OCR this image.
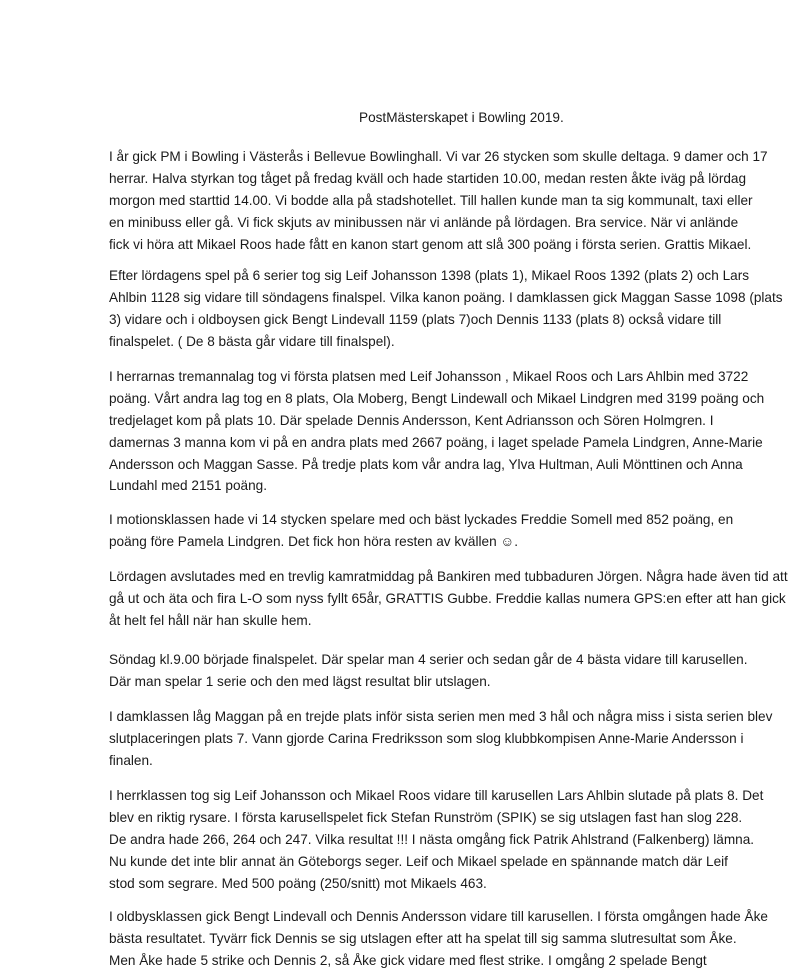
PostMästerskapet i Bowling 2019.
I år gick PM i Bowling i Västerås i Bellevue Bowlinghall. Vi var 26 stycken som skulle deltaga. 9 damer och 17
herrar. Halva styrkan tog tåget på fredag kväll och hade startiden 10.00, medan resten åkte iväg på lördag
morgon med starttid 14.00. Vi bodde alla på stadshotellet. Till hallen kunde man ta sig kommunalt, taxi eller
en minibuss eller gå. Vi fick skjuts av minibussen när vi anlände på lördagen. Bra service. När vi anlände
fick vi höra att Mikael Roos hade fått en kanon start genom att slå 300 poäng i första serien. Grattis Mikael.
Efter lördagens spel på 6 serier tog sig Leif Johansson 1398 (plats 1), Mikael Roos 1392 (plats 2) och Lars
Ahlbin 1128 sig vidare till söndagens finalspel. Vilka kanon poäng. I damklassen gick Maggan Sasse 1098 (plats
3) vidare och i oldboysen gick Bengt Lindevall 1159 (plats 7)och Dennis 1133 (plats 8) också vidare till
finalspelet. ( De 8 bästa går vidare till finalspel).
I herrarnas tremannalag tog vi första platsen med Leif Johansson , Mikael Roos och Lars Ahlbin med 3722
poäng. Vårt andra lag tog en 8 plats, Ola Moberg, Bengt Lindewall och Mikael Lindgren med 3199 poäng och
tredjelaget kom på plats 10. Där spelade Dennis Andersson, Kent Adriansson och Sören Holmgren. I
damernas 3 manna kom vi på en andra plats med 2667 poäng, i laget spelade Pamela Lindgren, Anne-Marie
Andersson och Maggan Sasse. På tredje plats kom vår andra lag, Ylva Hultman, Auli Mönttinen och Anna
Lundahl med 2151 poäng.
I motionsklassen hade vi 14 stycken spelare med och bäst lyckades Freddie Somell med 852 poäng, en
poäng före Pamela Lindgren. Det fick hon höra resten av kvällen ☺.
Lördagen avslutades med en trevlig kamratmiddag på Bankiren med tubbaduren Jörgen. Några hade även tid att
gå ut och äta och fira L-O som nyss fyllt 65år, GRATTIS Gubbe. Freddie kallas numera GPS:en efter att han gick
åt helt fel håll när han skulle hem.
Söndag kl.9.00 började finalspelet. Där spelar man 4 serier och sedan går de 4 bästa vidare till karusellen.
Där man spelar 1 serie och den med lägst resultat blir utslagen.
I damklassen låg Maggan på en trejde plats inför sista serien men med 3 hål och några miss i sista serien blev
slutplaceringen plats 7. Vann gjorde Carina Fredriksson som slog klubbkompisen Anne-Marie Andersson i
finalen.
I herrklassen tog sig Leif Johansson och Mikael Roos vidare till karusellen Lars Ahlbin slutade på plats 8. Det
blev en riktig rysare. I första karusellspelet fick Stefan Runström (SPIK) se sig utslagen fast han slog 228.
De andra hade 266, 264 och 247. Vilka resultat !!! I nästa omgång fick Patrik Ahlstrand (Falkenberg) lämna.
Nu kunde det inte blir annat än Göteborgs seger. Leif och Mikael spelade en spännande match där Leif
stod som segrare. Med 500 poäng (250/snitt) mot Mikaels 463.
I oldbysklassen gick Bengt Lindevall och Dennis Andersson vidare till karusellen. I första omgången hade Åke
bästa resultatet. Tyvärr fick Dennis se sig utslagen efter att ha spelat till sig samma slutresultat som Åke.
Men Åke hade 5 strike och Dennis 2, så Åke gick vidare med flest strike. I omgång 2 spelade Bengt
